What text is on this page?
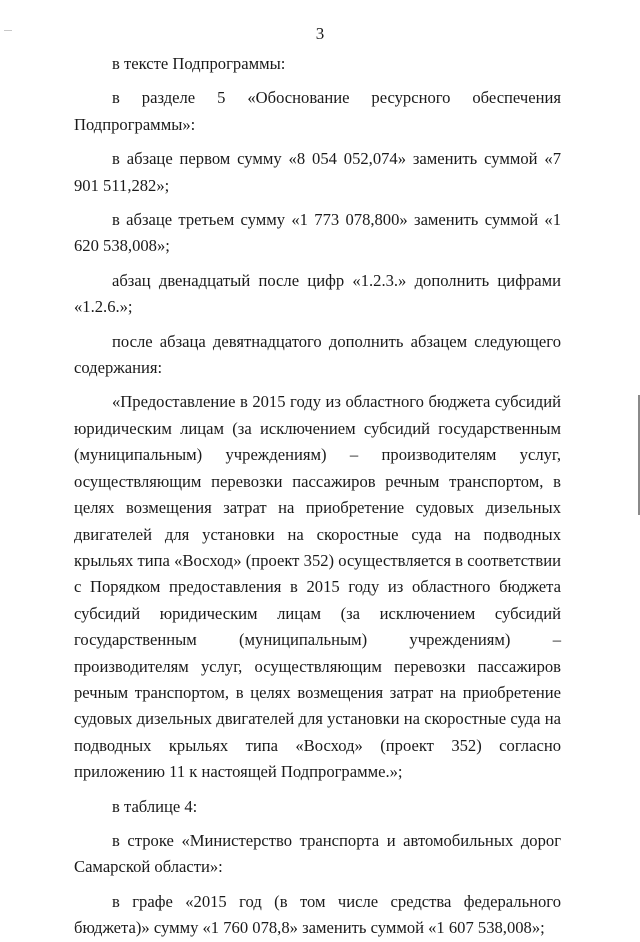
3

в тексте Подпрограммы:

в разделе 5 «Обоснование ресурсного обеспечения Подпрограммы»:

в абзаце первом сумму «8 054 052,074» заменить суммой «7 901 511,282»;

в абзаце третьем сумму «1 773 078,800» заменить суммой «1 620 538,008»;

абзац двенадцатый после цифр «1.2.3.» дополнить цифрами «1.2.6.»;

после абзаца девятнадцатого дополнить абзацем следующего содержания:

«Предоставление в 2015 году из областного бюджета субсидий юридическим лицам (за исключением субсидий государственным (муниципальным) учреждениям) – производителям услуг, осуществляющим перевозки пассажиров речным транспортом, в целях возмещения затрат на приобретение судовых дизельных двигателей для установки на скоростные суда на подводных крыльях типа «Восход» (проект 352) осуществляется в соответствии с Порядком предоставления в 2015 году из областного бюджета субсидий юридическим лицам (за исключением субсидий государственным (муниципальным) учреждениям) – производителям услуг, осуществляющим перевозки пассажиров речным транспортом, в целях возмещения затрат на приобретение судовых дизельных двигателей для установки на скоростные суда на подводных крыльях типа «Восход» (проект 352) согласно приложению 11 к настоящей Подпрограмме.»;

в таблице 4:

в строке «Министерство транспорта и автомобильных дорог Самарской области»:

в графе «2015 год (в том числе средства федерального бюджета)» сумму «1 760 078,8» заменить суммой «1 607 538,008»;
